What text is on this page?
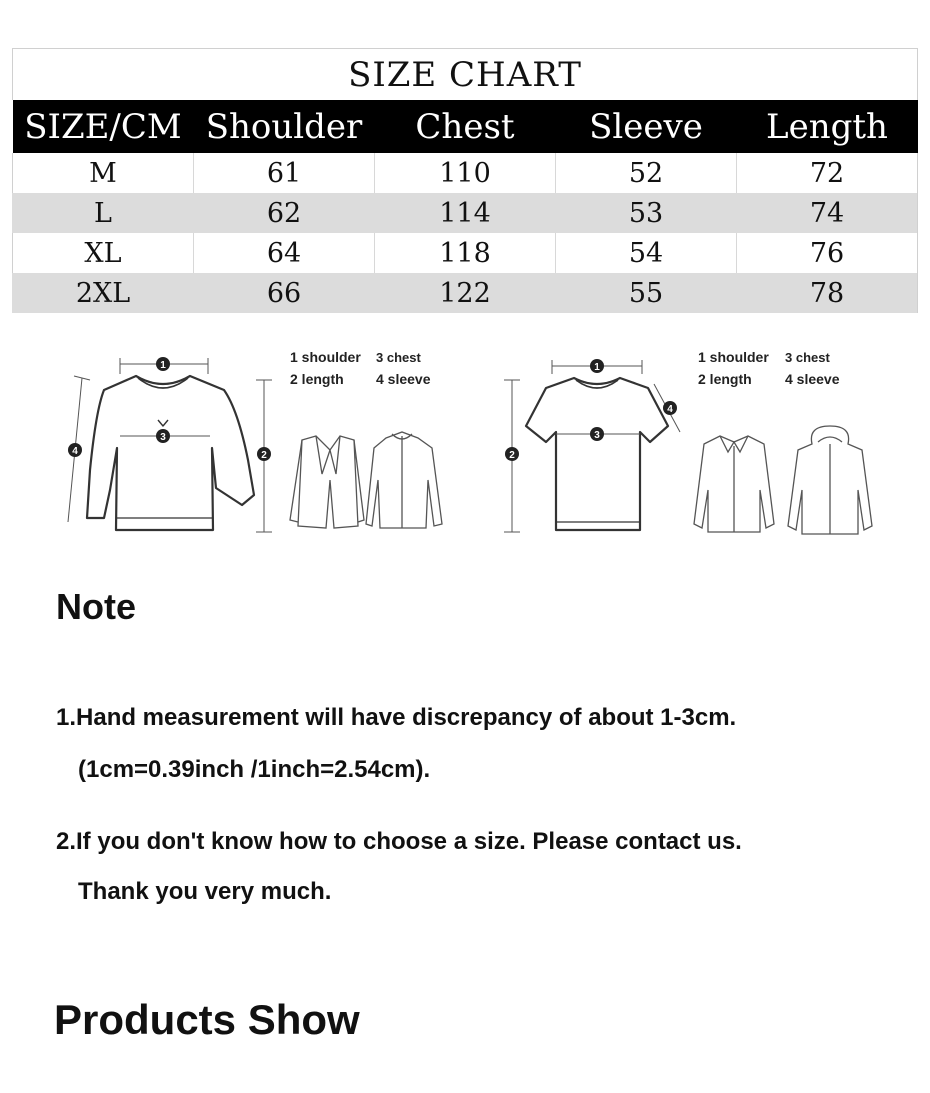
SIZE CHART				
SIZE/CM	Shoulder	Chest	Sleeve	Length
M	61	110	52	72
L	62	114	53	74
XL	64	118	54	76
2XL	66	122	55	78
1
2
3
4
1 shoulder 3 chest
2 length 4 sleeve
1
2
3
4
1 shoulder 3 chest
2 length 4 sleeve
Note

1.Hand measurement will have discrepancy of about 1-3cm.

(1cm=0.39inch /1inch=2.54cm).

2.If you don't know how to choose a size. Please contact us.

Thank you very much.

Products Show
